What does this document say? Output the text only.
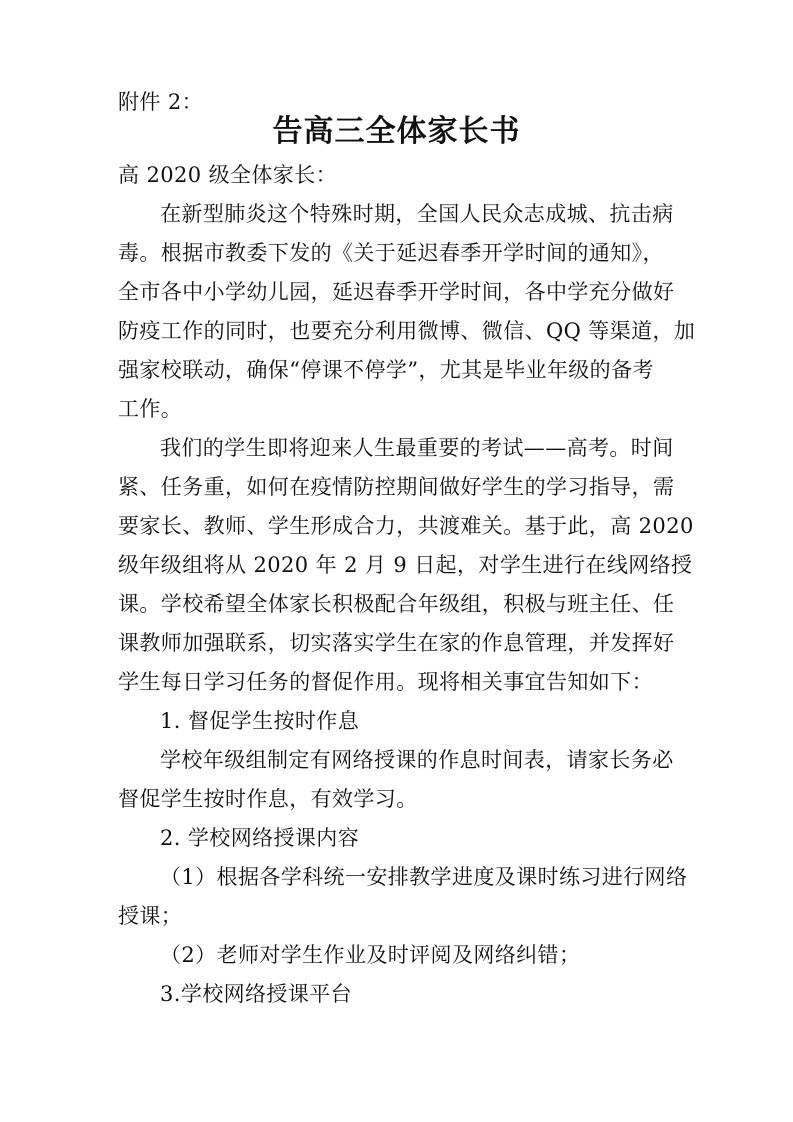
附件 2：
告高三全体家长书
高 2020 级全体家长：
在新型肺炎这个特殊时期，全国人民众志成城、抗击病
毒。根据市教委下发的《关于延迟春季开学时间的通知》，
全市各中小学幼儿园，延迟春季开学时间，各中学充分做好
防疫工作的同时，也要充分利用微博、微信、QQ 等渠道，加
强家校联动，确保“停课不停学”，尤其是毕业年级的备考
工作。
我们的学生即将迎来人生最重要的考试——高考。时间
紧、任务重，如何在疫情防控期间做好学生的学习指导，需
要家长、教师、学生形成合力，共渡难关。基于此，高 2020
级年级组将从 2020 年 2 月 9 日起，对学生进行在线网络授
课。学校希望全体家长积极配合年级组，积极与班主任、任
课教师加强联系，切实落实学生在家的作息管理，并发挥好
学生每日学习任务的督促作用。现将相关事宜告知如下：
1. 督促学生按时作息
学校年级组制定有网络授课的作息时间表，请家长务必
督促学生按时作息，有效学习。
2. 学校网络授课内容
（1）根据各学科统一安排教学进度及课时练习进行网络
授课；
（2）老师对学生作业及时评阅及网络纠错；
3.学校网络授课平台
